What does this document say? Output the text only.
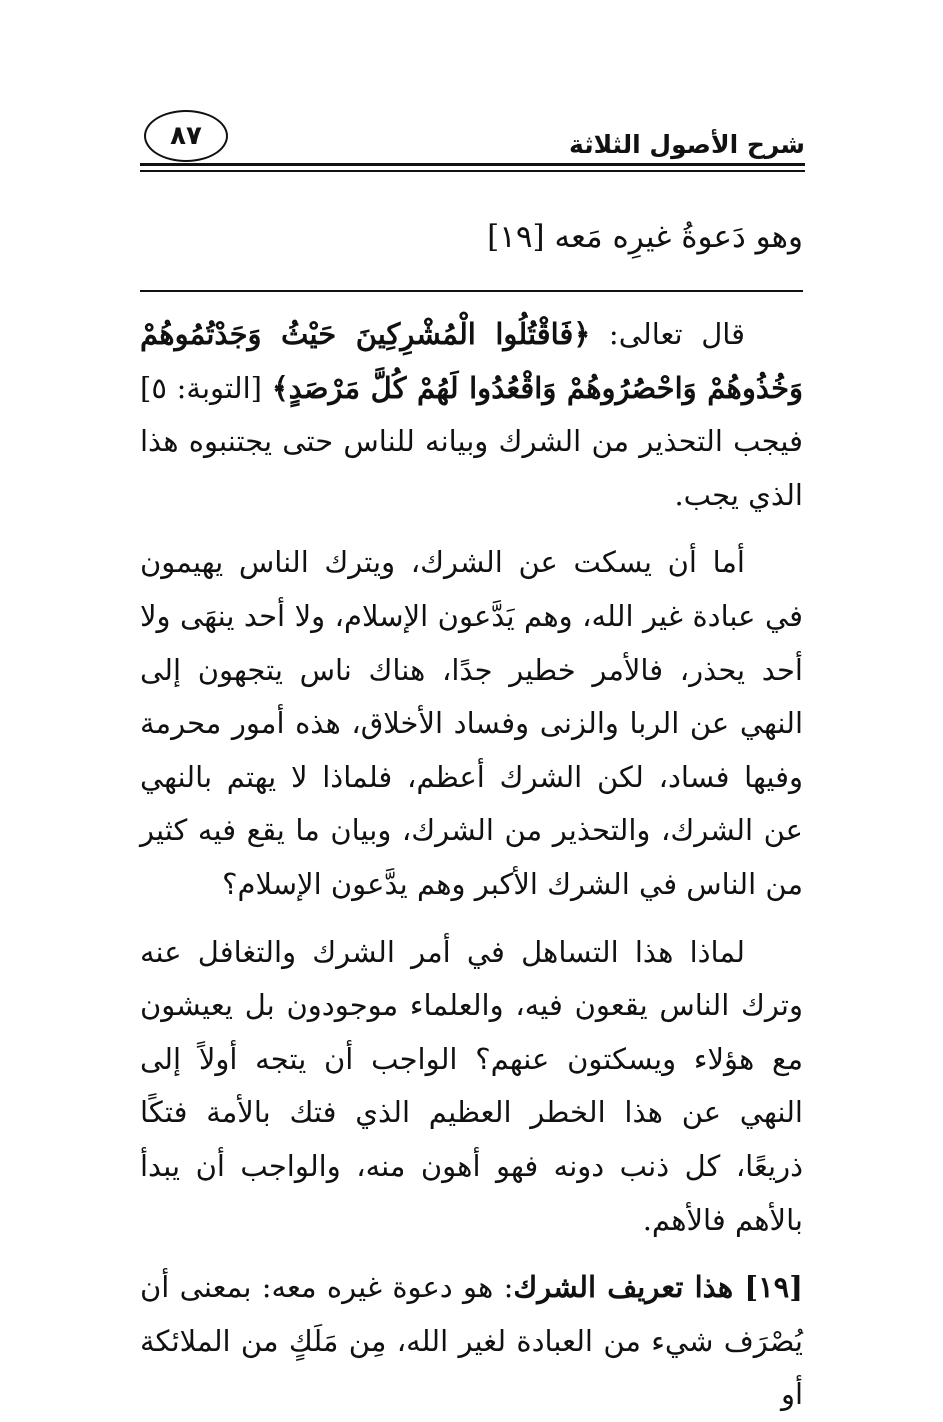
شرح الأصول الثلاثة
٨٧
وهو دَعوةُ غيرِه مَعه [١٩]

قال تعالى: ﴿فَاقْتُلُوا الْمُشْرِكِينَ حَيْثُ وَجَدْتُمُوهُمْ وَخُذُوهُمْ وَاحْصُرُوهُمْ وَاقْعُدُوا لَهُمْ كُلَّ مَرْصَدٍ﴾ [التوبة: ٥] فيجب التحذير من الشرك وبيانه للناس حتى يجتنبوه هذا الذي يجب.

أما أن يسكت عن الشرك، ويترك الناس يهيمون في عبادة غير الله، وهم يَدَّعون الإسلام، ولا أحد ينهَى ولا أحد يحذر، فالأمر خطير جدًا، هناك ناس يتجهون إلى النهي عن الربا والزنى وفساد الأخلاق، هذه أمور محرمة وفيها فساد، لكن الشرك أعظم، فلماذا لا يهتم بالنهي عن الشرك، والتحذير من الشرك، وبيان ما يقع فيه كثير من الناس في الشرك الأكبر وهم يدَّعون الإسلام؟

لماذا هذا التساهل في أمر الشرك والتغافل عنه وترك الناس يقعون فيه، والعلماء موجودون بل يعيشون مع هؤلاء ويسكتون عنهم؟ الواجب أن يتجه أولاً إلى النهي عن هذا الخطر العظيم الذي فتك بالأمة فتكًا ذريعًا، كل ذنب دونه فهو أهون منه، والواجب أن يبدأ بالأهم فالأهم.

[١٩] هذا تعريف الشرك: هو دعوة غيره معه: بمعنى أن يُصْرَف شيء من العبادة لغير الله، مِن مَلَكٍ من الملائكة أو
